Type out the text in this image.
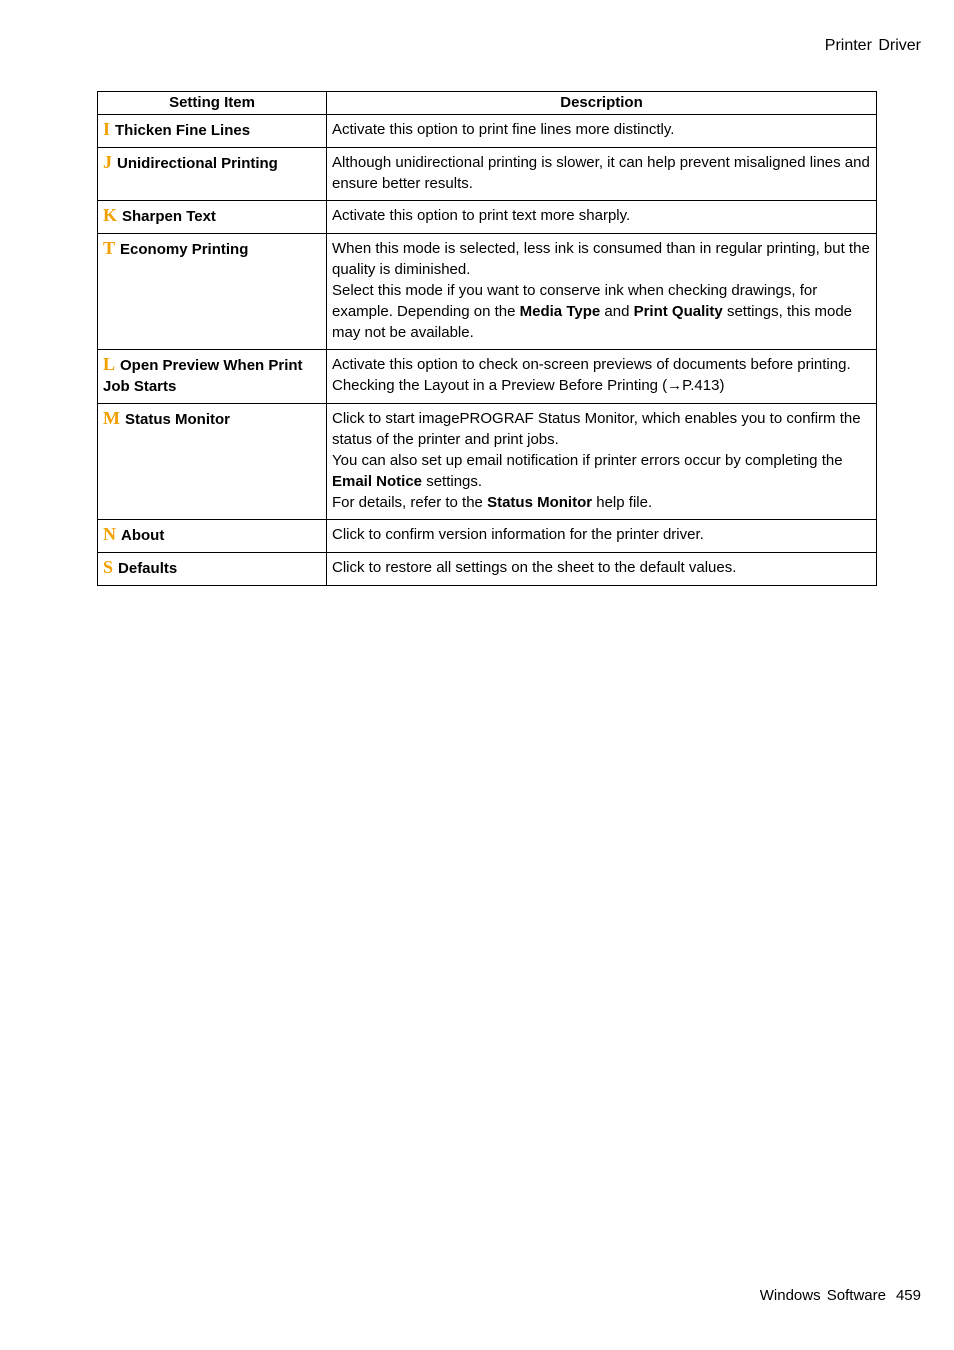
Printer Driver
Setting Item	Description
I Thicken Fine Lines	Activate this option to print fine lines more distinctly.

J Unidirectional Printing	Although unidirectional printing is slower, it can help prevent misaligned lines and ensure better results.

K Sharpen Text	Activate this option to print text more sharply.

T Economy Printing	When this mode is selected, less ink is consumed than in regular printing, but the quality is diminished.
Select this mode if you want to conserve ink when checking drawings, for example. Depending on the Media Type and Print Quality settings, this mode may not be available.

L Open Preview When Print Job Starts	Activate this option to check on-screen previews of documents before printing.
Checking the Layout in a Preview Before Printing (→P.413)

M Status Monitor	Click to start imagePROGRAF Status Monitor, which enables you to confirm the status of the printer and print jobs.
You can also set up email notification if printer errors occur by completing the Email Notice settings.
For details, refer to the Status Monitor help file.

N About	Click to confirm version information for the printer driver.

S Defaults	Click to restore all settings on the sheet to the default values.
Windows Software 459
